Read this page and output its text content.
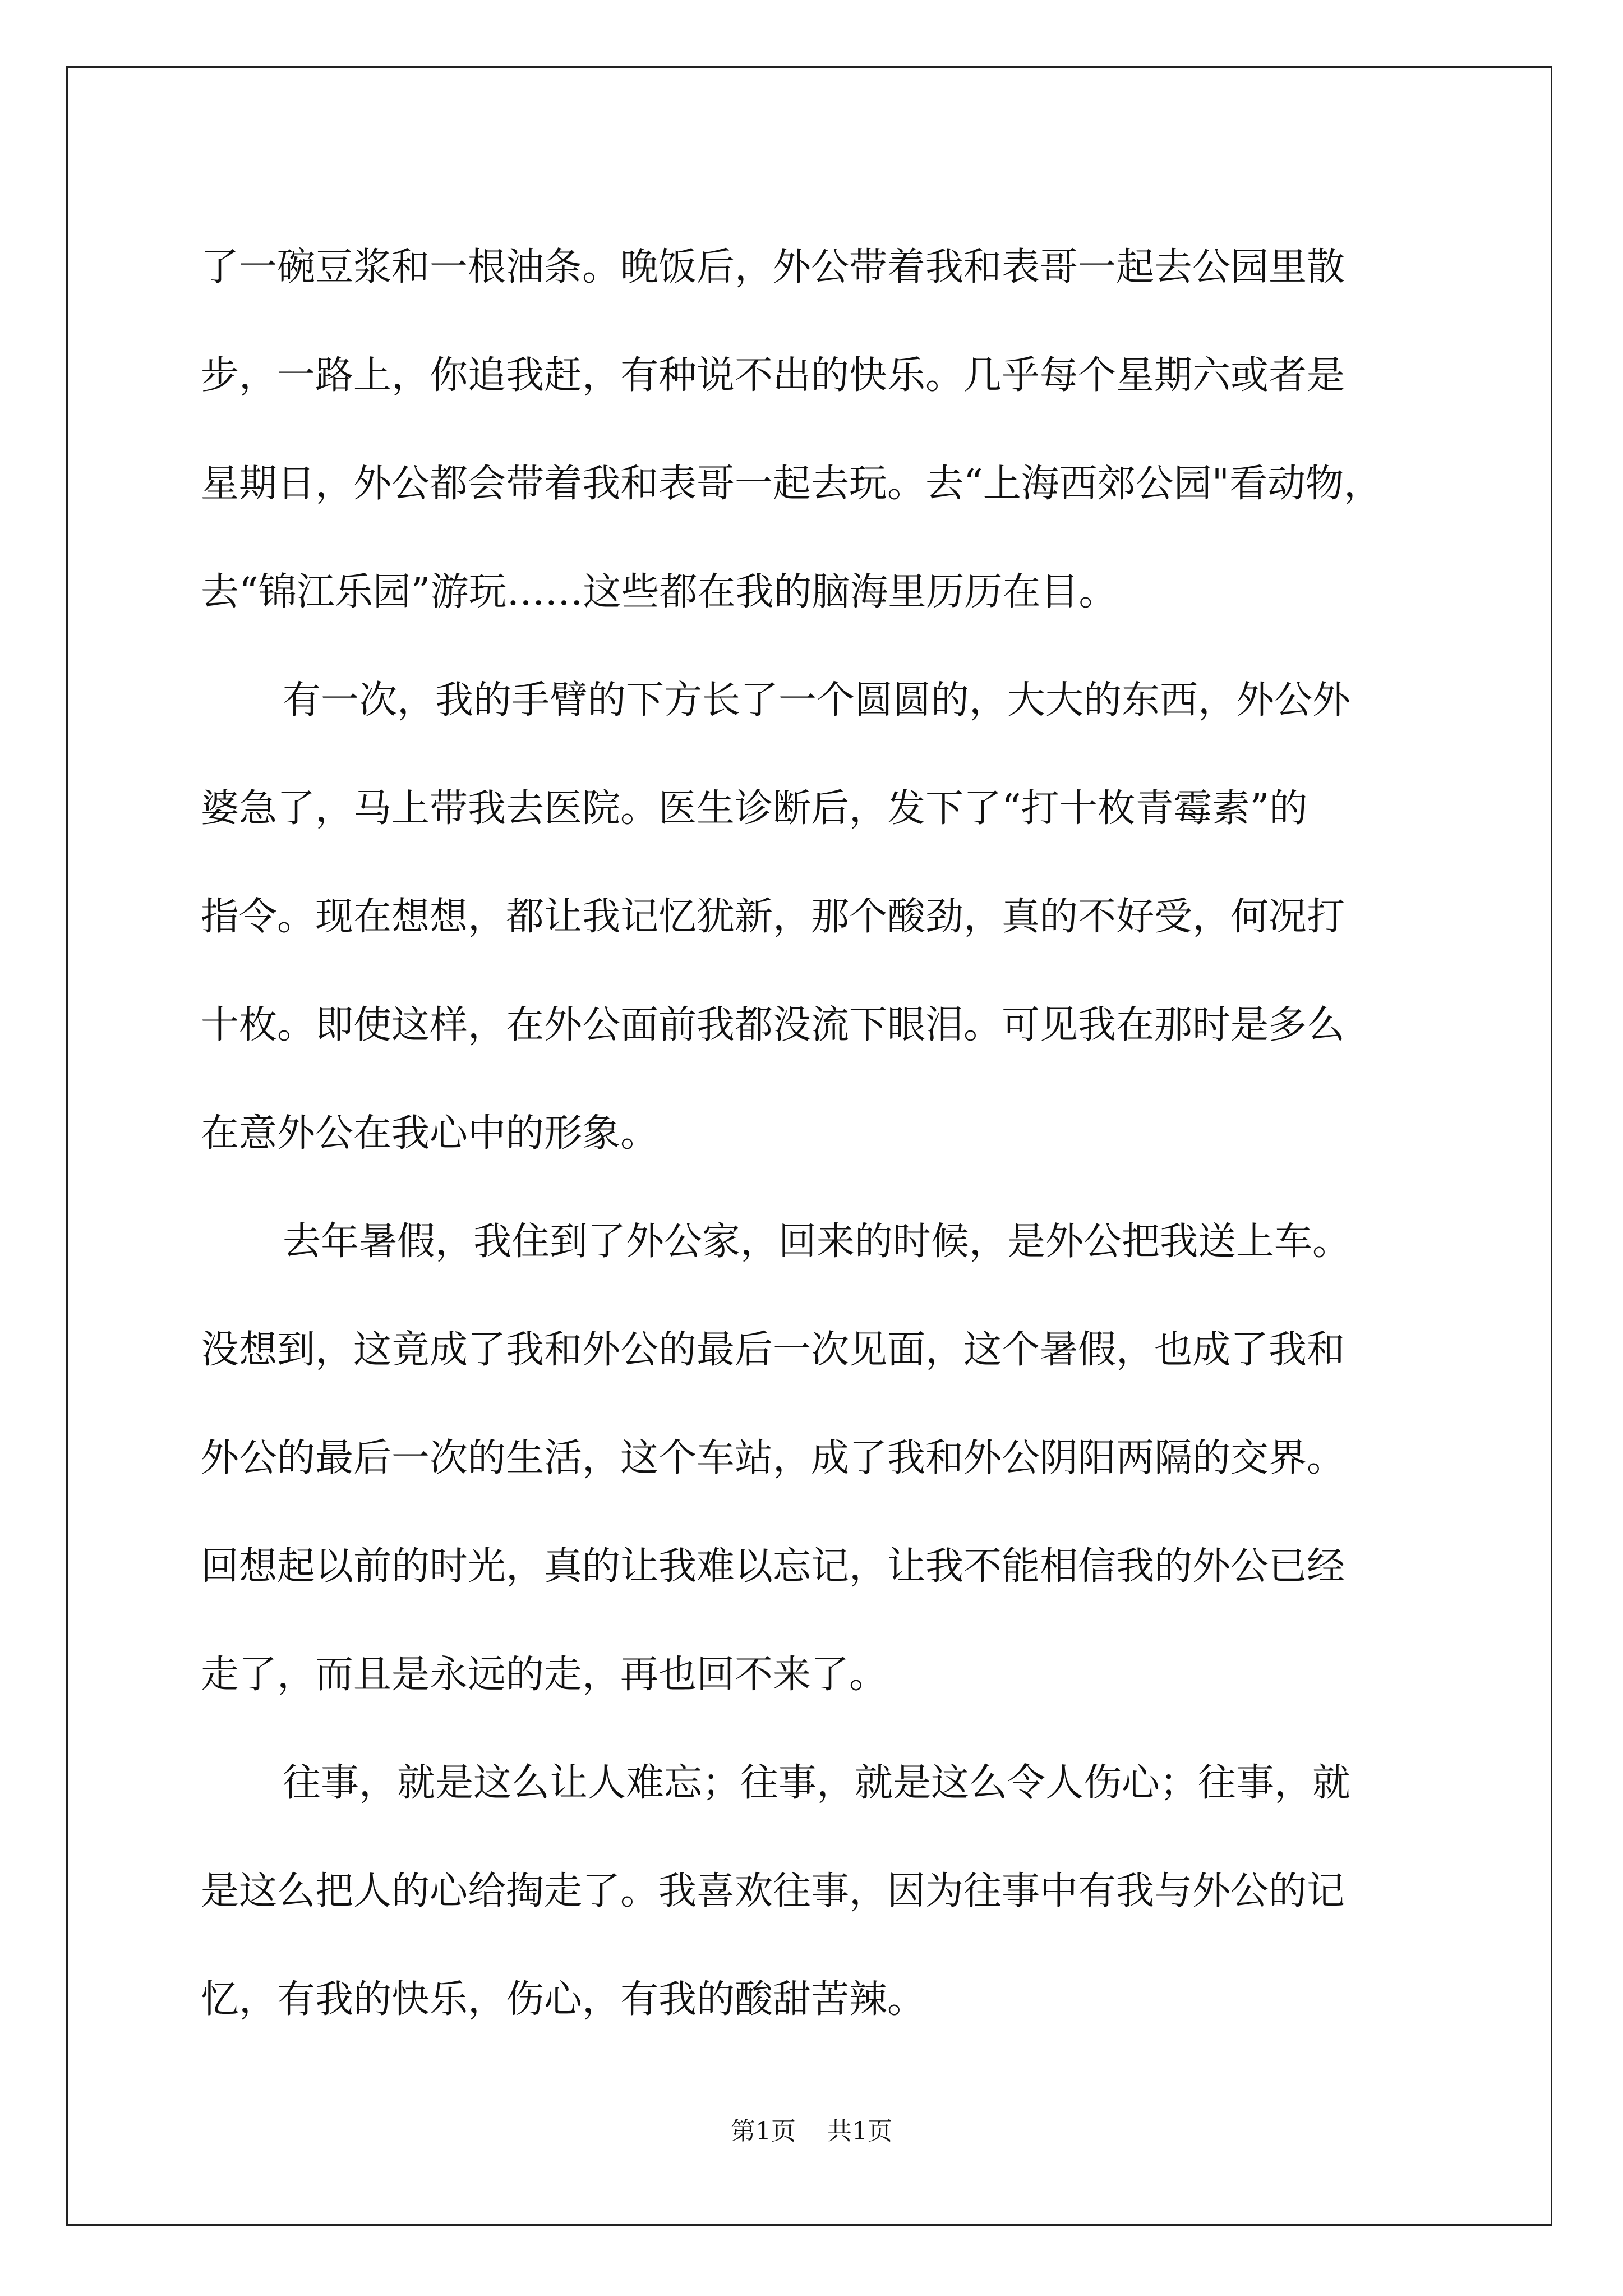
了一碗豆浆和一根油条。晚饭后，外公带着我和表哥一起去公园里散
步，一路上，你追我赶，有种说不出的快乐。几乎每个星期六或者是
星期日，外公都会带着我和表哥一起去玩。去“上海西郊公园"看动物，
去“锦江乐园”游玩……这些都在我的脑海里历历在目。
有一次，我的手臂的下方长了一个圆圆的，大大的东西，外公外
婆急了，马上带我去医院。医生诊断后，发下了“打十枚青霉素”的
指令。现在想想，都让我记忆犹新，那个酸劲，真的不好受，何况打
十枚。即使这样，在外公面前我都没流下眼泪。可见我在那时是多么
在意外公在我心中的形象。
去年暑假，我住到了外公家，回来的时候，是外公把我送上车。
没想到，这竟成了我和外公的最后一次见面，这个暑假，也成了我和
外公的最后一次的生活，这个车站，成了我和外公阴阳两隔的交界。
回想起以前的时光，真的让我难以忘记，让我不能相信我的外公已经
走了，而且是永远的走，再也回不来了。
往事，就是这么让人难忘；往事，就是这么令人伤心；往事，就
是这么把人的心给掏走了。我喜欢往事，因为往事中有我与外公的记
忆，有我的快乐，伤心，有我的酸甜苦辣。
第1页    共1页
